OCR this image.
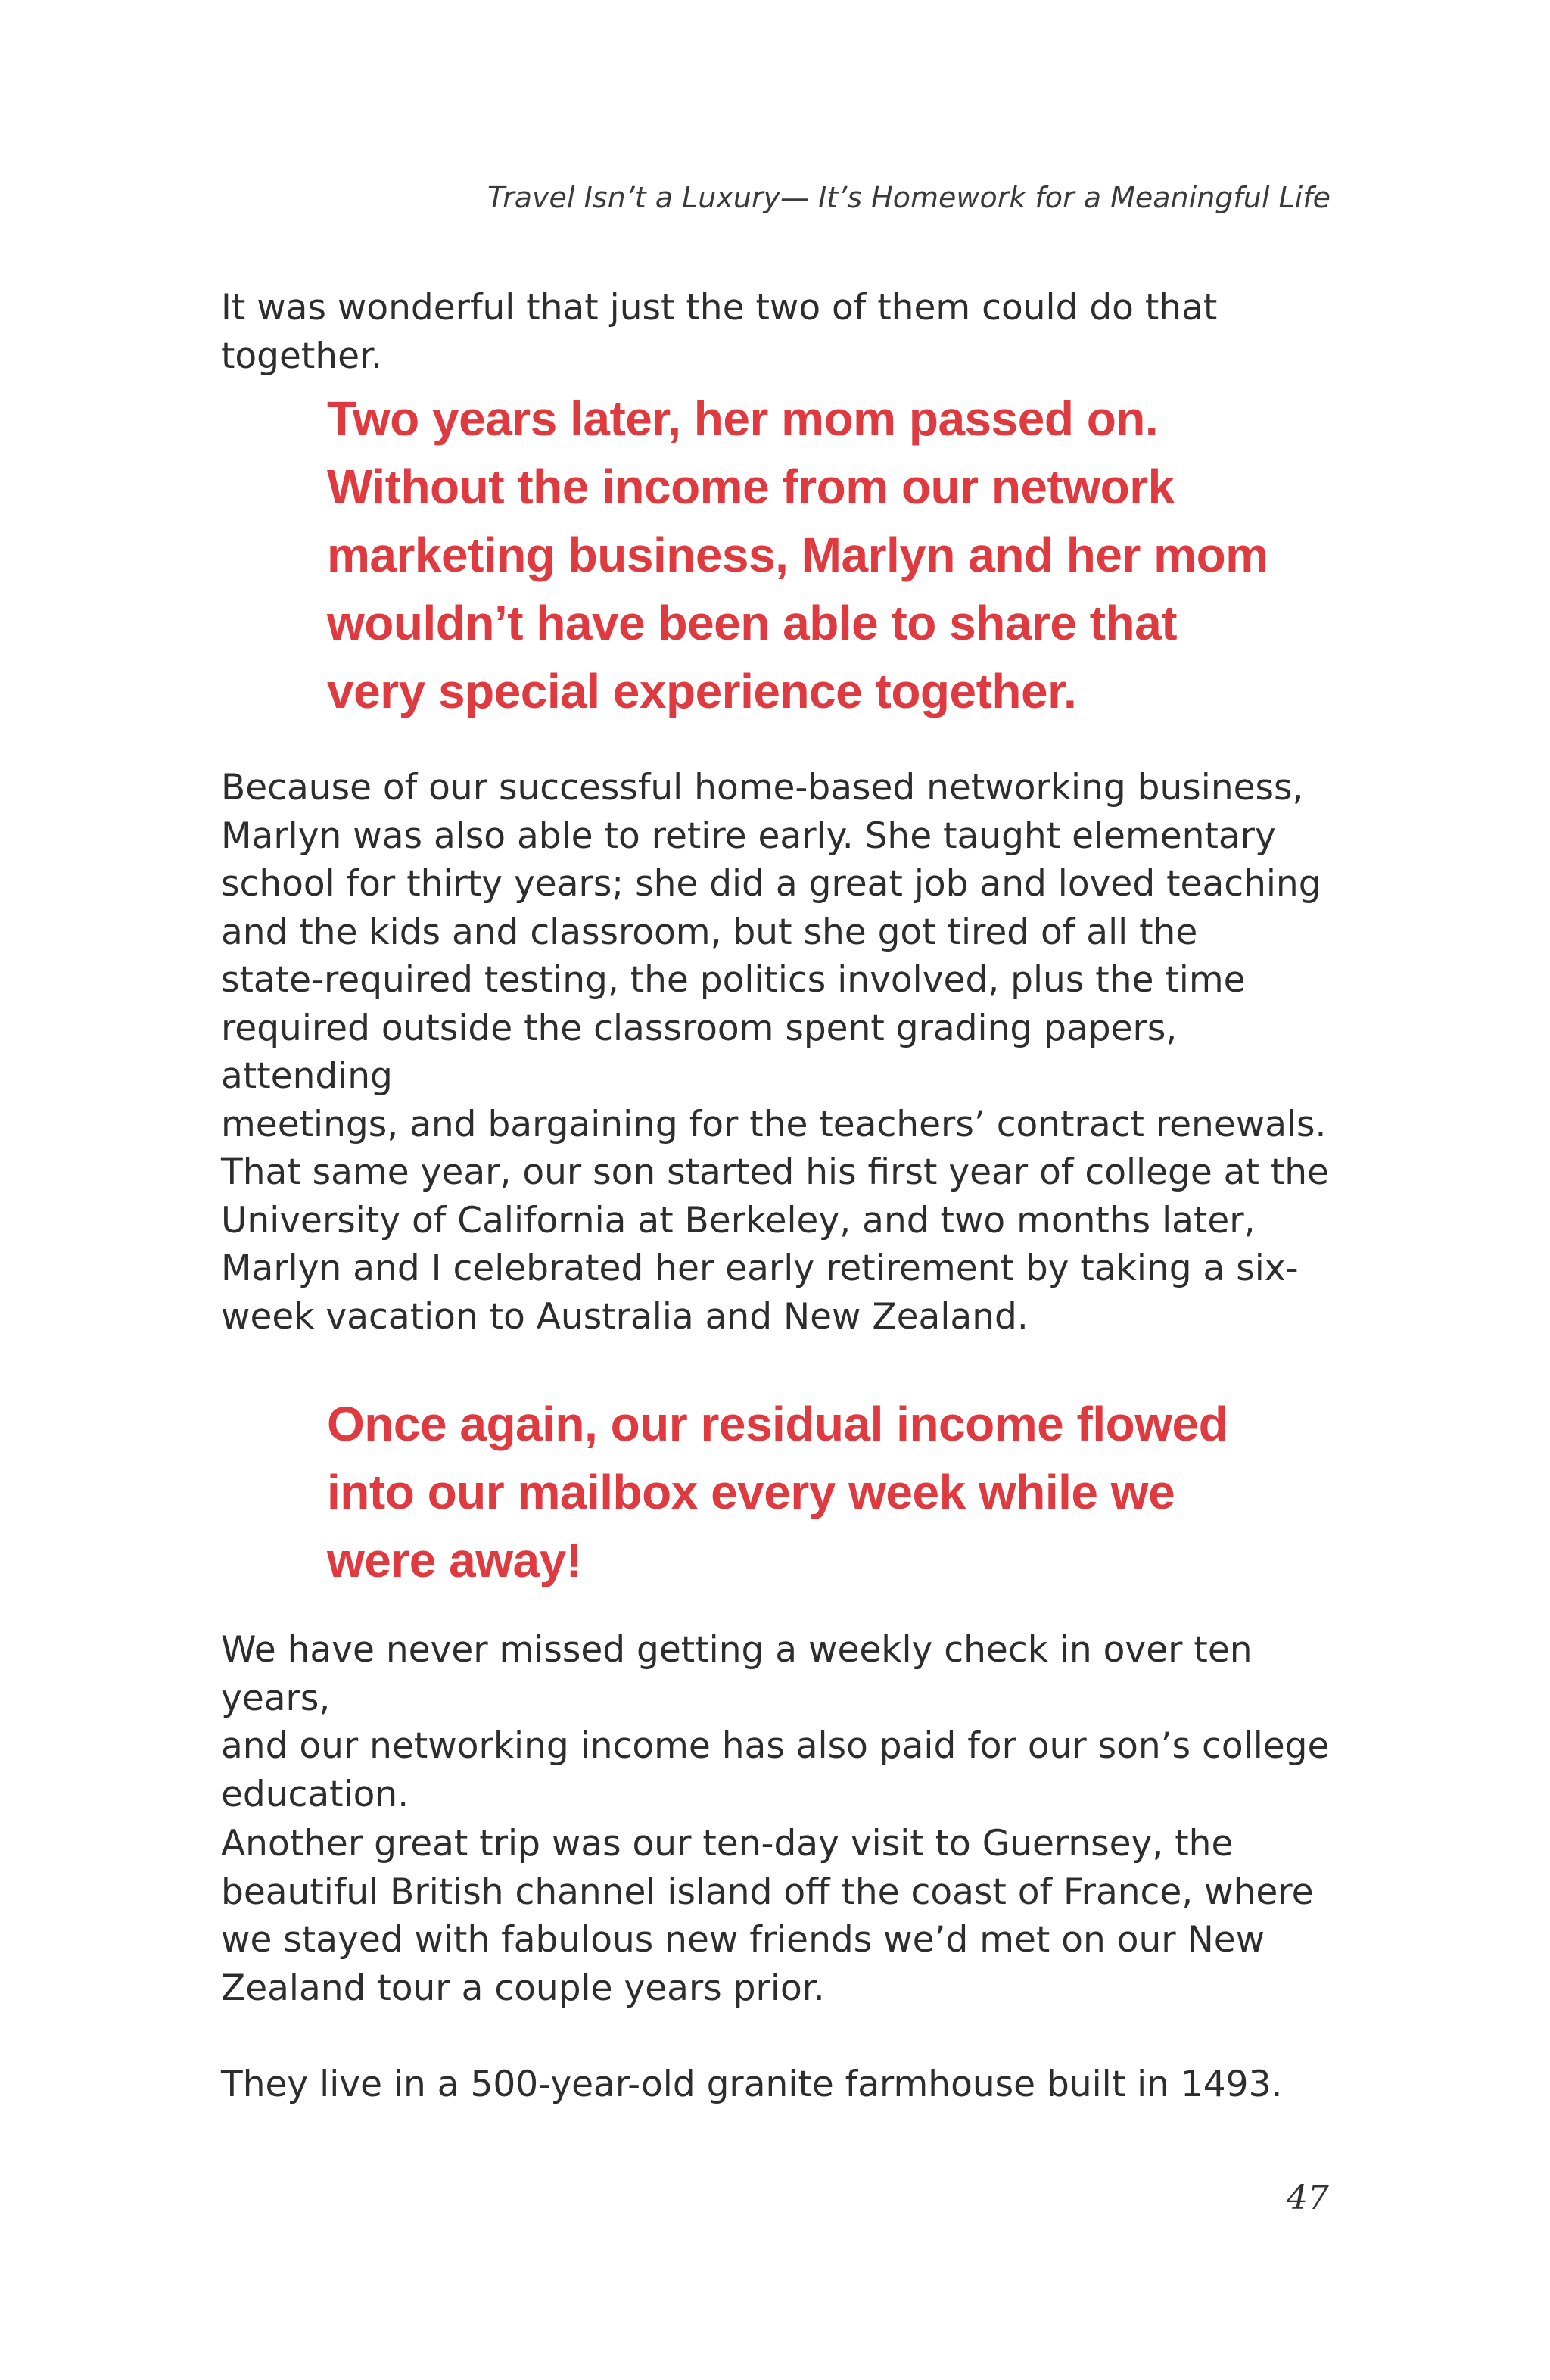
Travel Isn’t a Luxury— It’s Homework for a Meaningful Life

It was wonderful that just the two of them could do that together.

Two years later, her mom passed on.
Without the income from our network
marketing business, Marlyn and her mom
wouldn’t have been able to share that
very special experience together.

Because of our successful home-based networking business,
Marlyn was also able to retire early. She taught elementary
school for thirty years; she did a great job and loved teaching
and the kids and classroom, but she got tired of all the
state-required testing, the politics involved, plus the time
required outside the classroom spent grading papers, attending
meetings, and bargaining for the teachers’ contract renewals.

That same year, our son started his first year of college at the
University of California at Berkeley, and two months later,
Marlyn and I celebrated her early retirement by taking a six-
week vacation to Australia and New Zealand.

Once again, our residual income flowed
into our mailbox every week while we
were away!

We have never missed getting a weekly check in over ten years,
and our networking income has also paid for our son’s college
education.

Another great trip was our ten-day visit to Guernsey, the
beautiful British channel island off the coast of France, where
we stayed with fabulous new friends we’d met on our New
Zealand tour a couple years prior.

They live in a 500-year-old granite farmhouse built in 1493.

47
